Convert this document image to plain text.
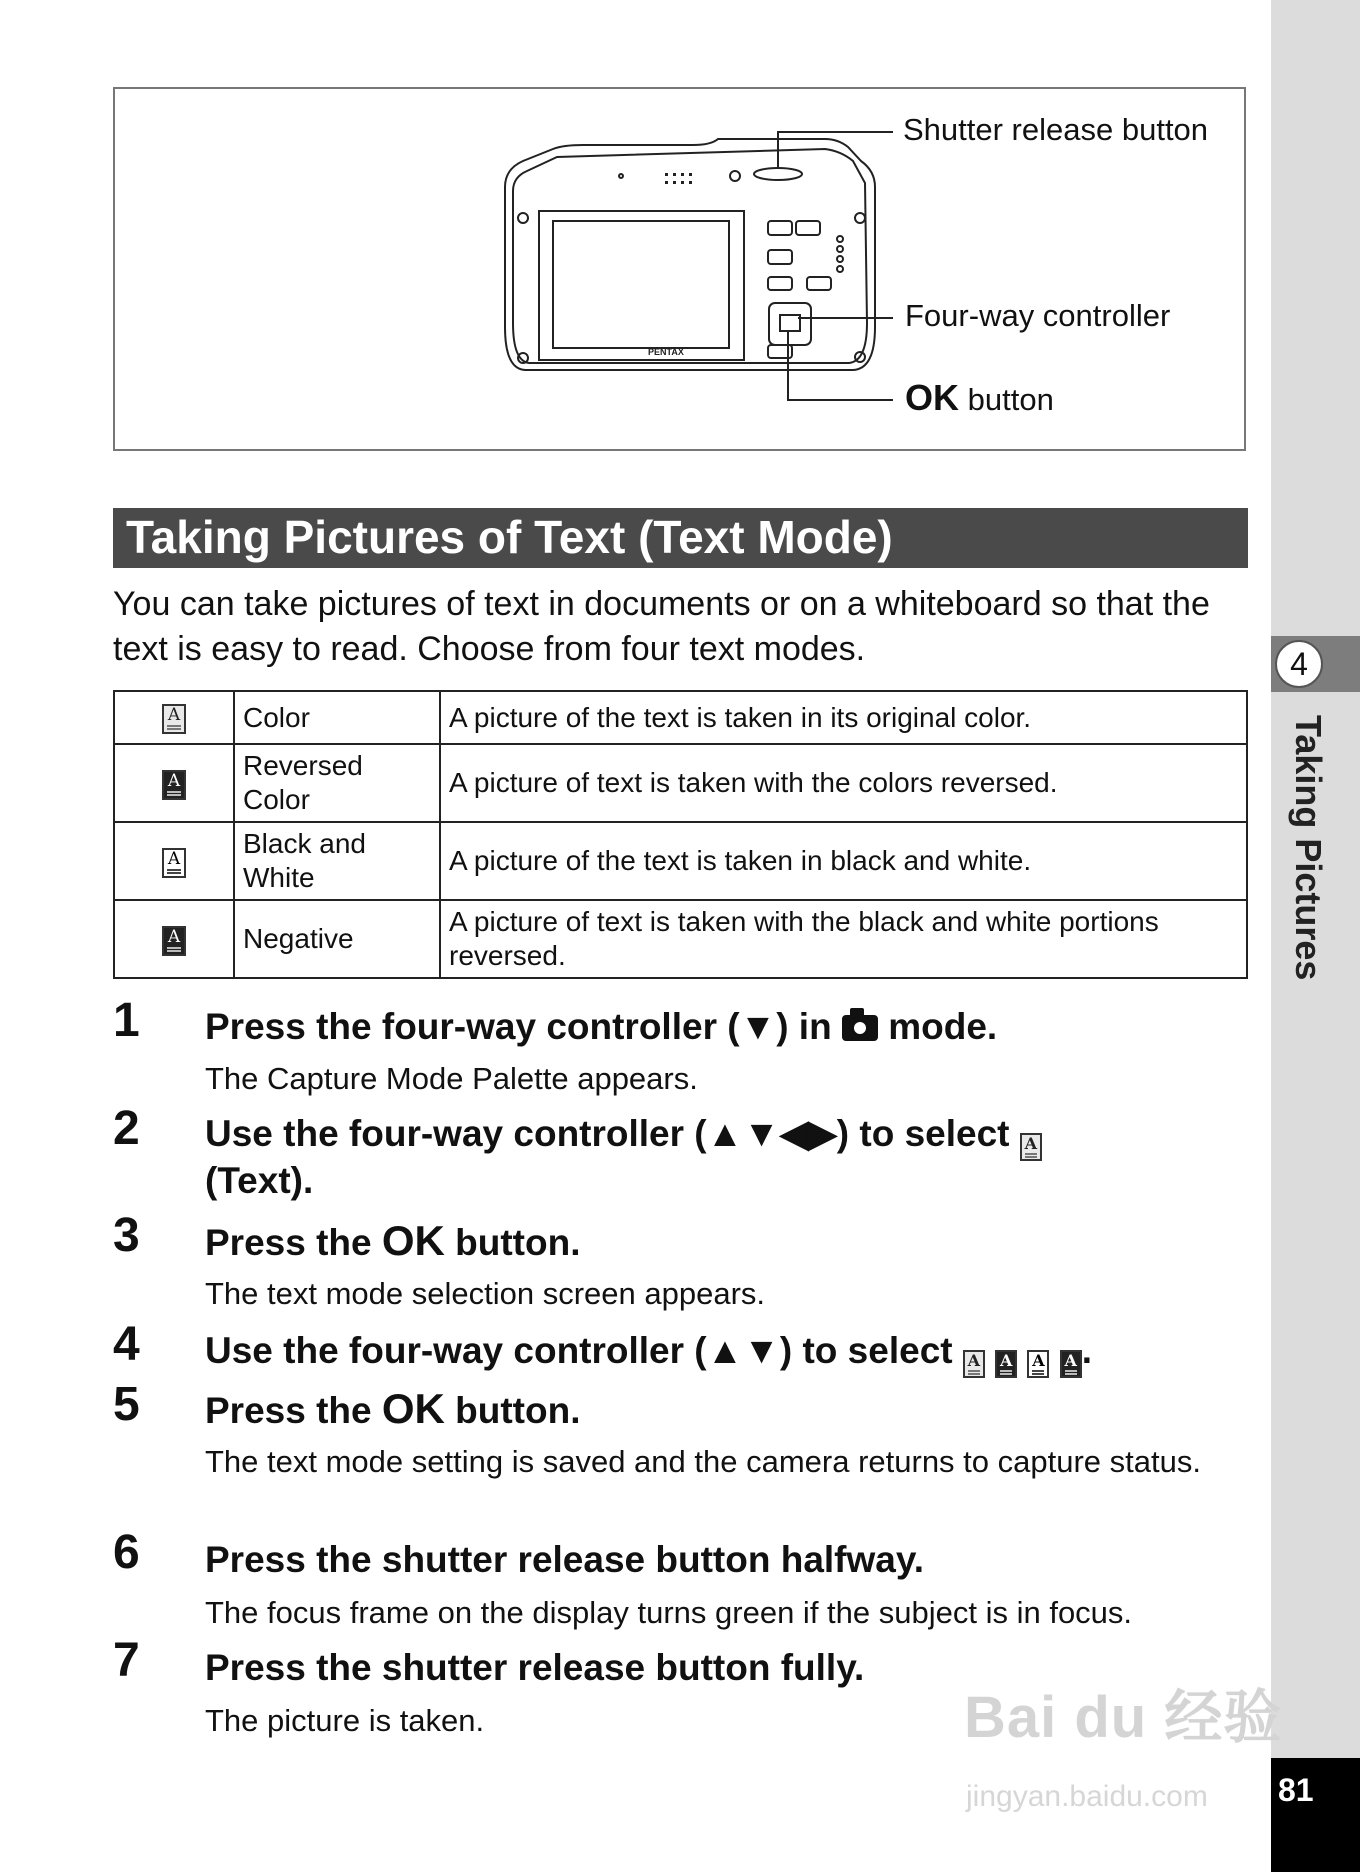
4
Taking Pictures
81
PENTAX
Shutter release button
Four-way controller
OK button
Taking Pictures of Text (Text Mode)
You can take pictures of text in documents or on a whiteboard so that the text is easy to read. Choose from four text modes.
A	Color	A picture of the text is taken in its original color.
A	Reversed Color	A picture of text is taken with the colors reversed.
A	Black and White	A picture of the text is taken in black and white.
A	Negative	A picture of text is taken with the black and white portions reversed.
1 Press the four-way controller (▼) in  mode.
The Capture Mode Palette appears.
2 Use the four-way controller (▲▼◀▶) to select A
(Text).
3 Press the OK button.
The text mode selection screen appears.
4 Use the four-way controller (▲▼) to select A A A A .
5 Press the OK button.
The text mode setting is saved and the camera returns to capture status.
6 Press the shutter release button halfway.
The focus frame on the display turns green if the subject is in focus.
7 Press the shutter release button fully.
The picture is taken.	Bai du 经验
jingyan.baidu.com
